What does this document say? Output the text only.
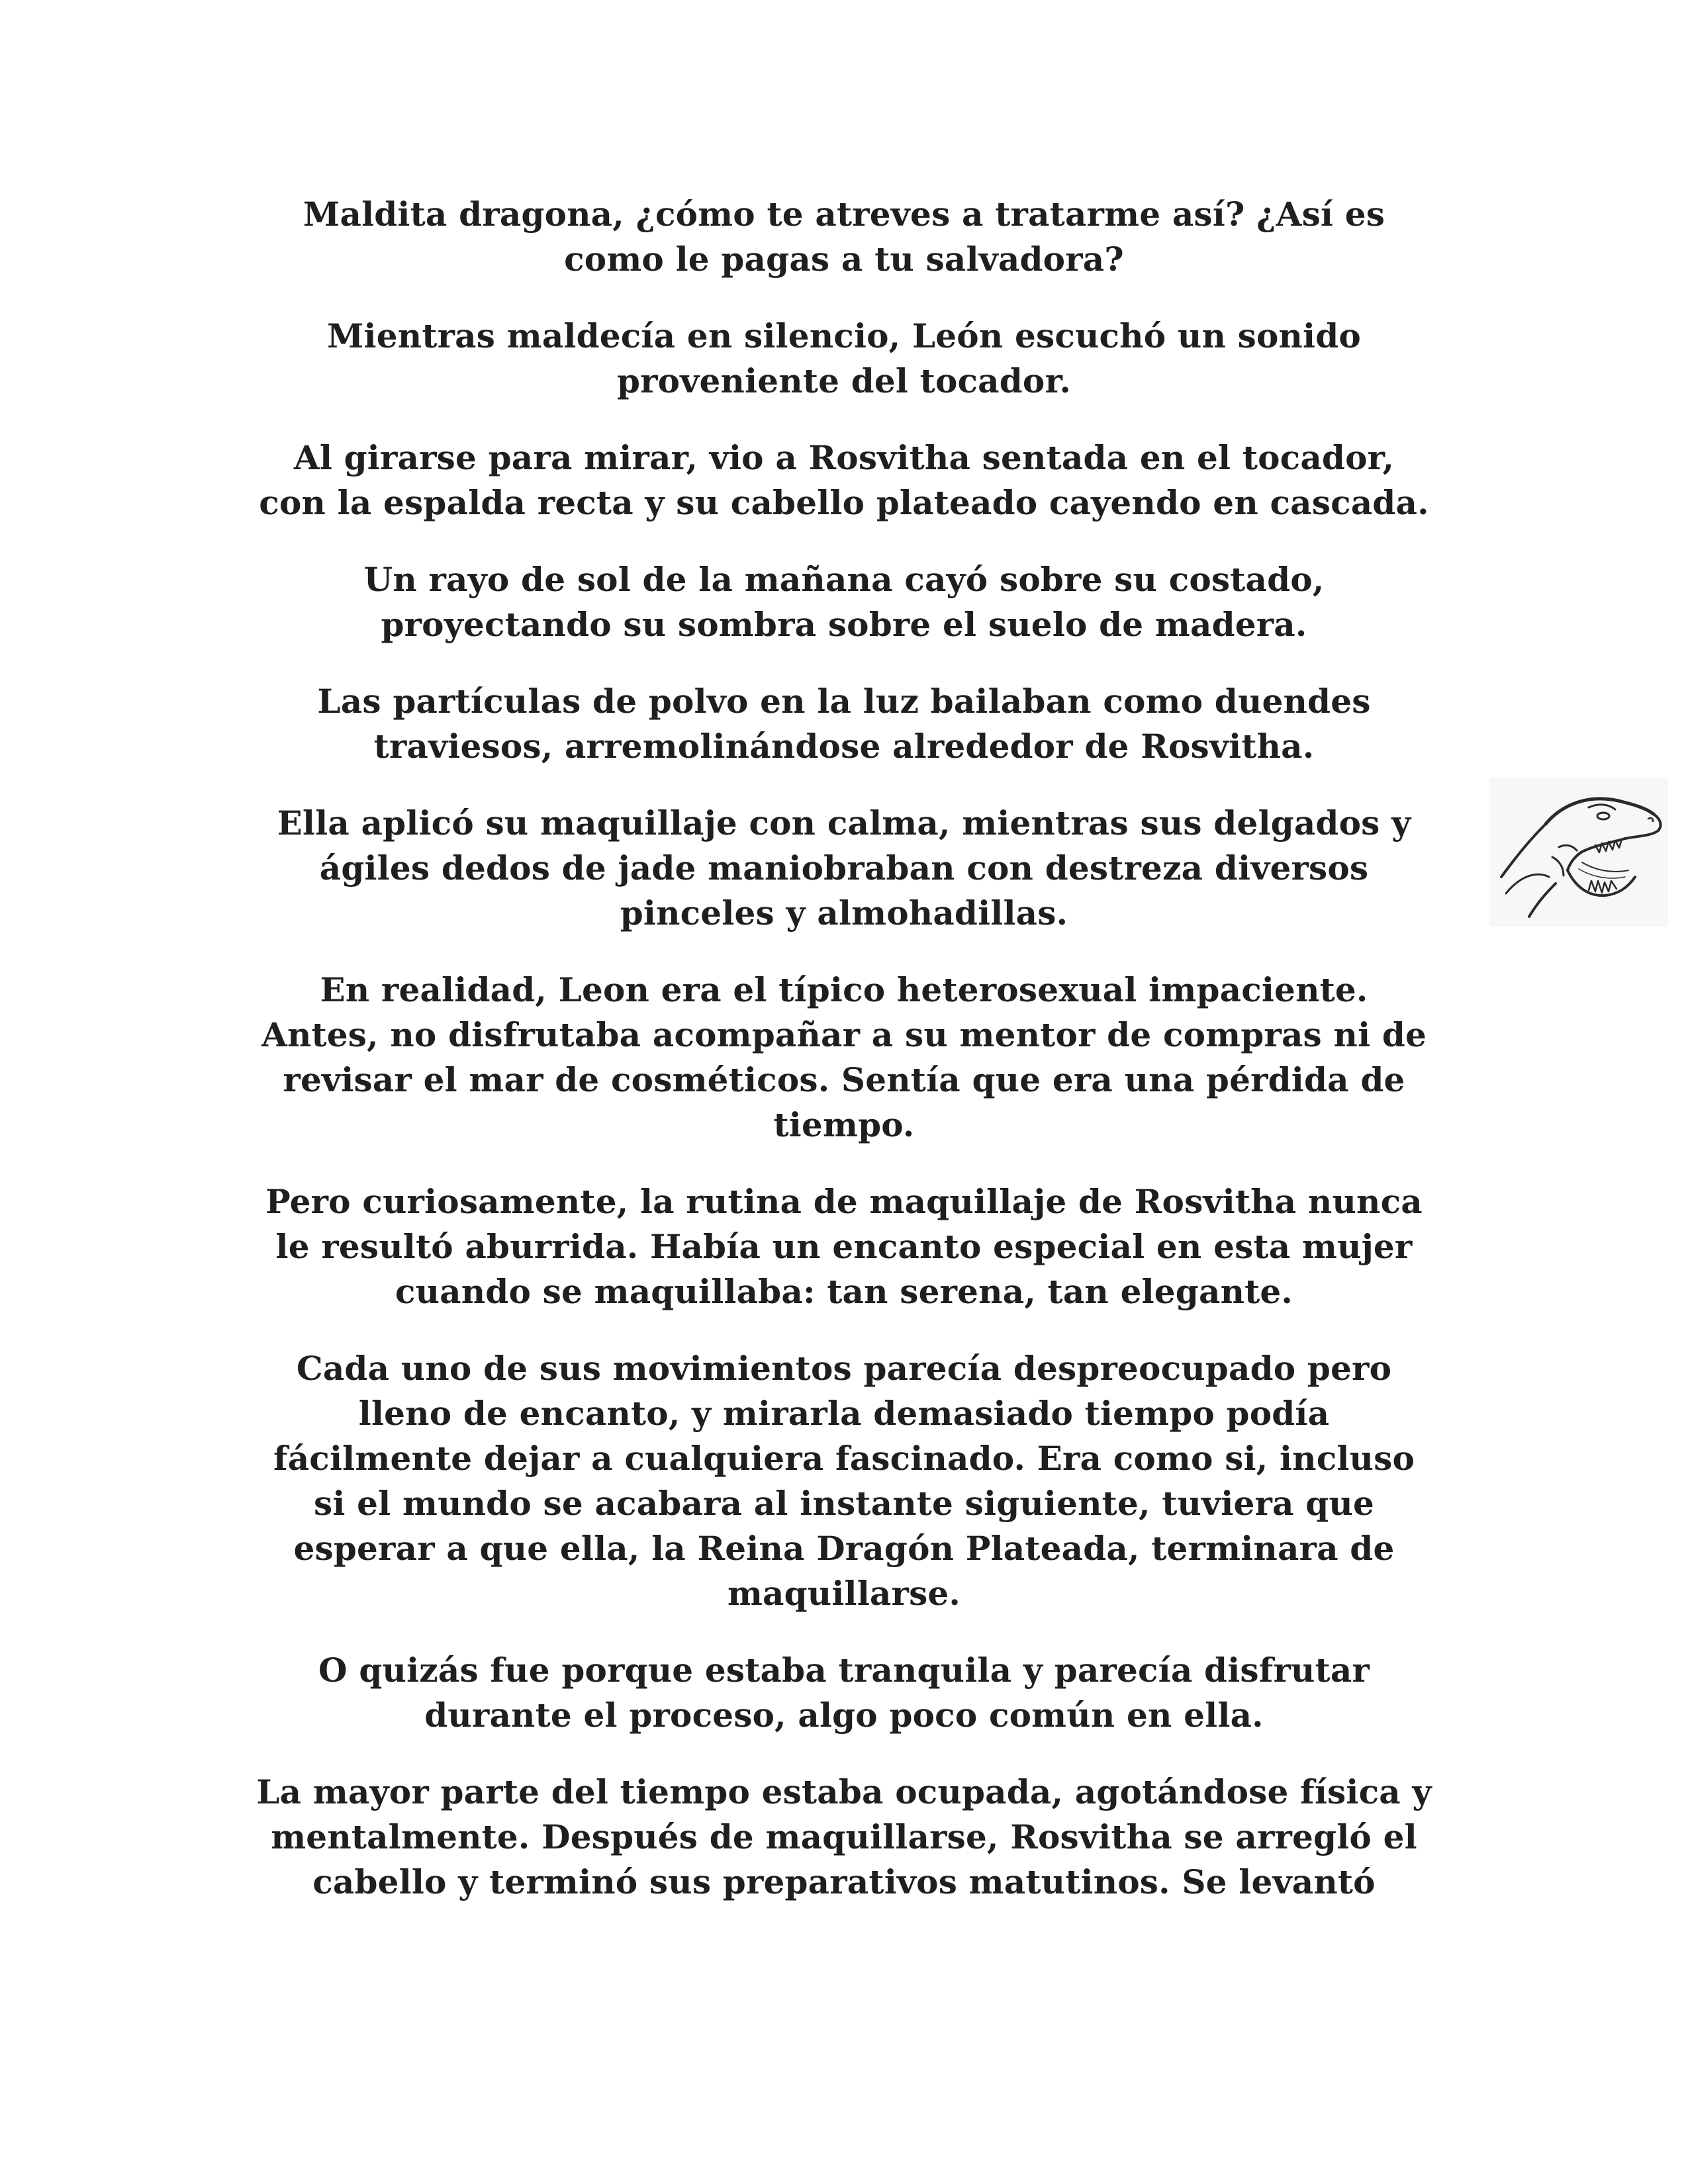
Maldita dragona, ¿cómo te atreves a tratarme así? ¿Así es
como le pagas a tu salvadora?

Mientras maldecía en silencio, León escuchó un sonido
proveniente del tocador.

Al girarse para mirar, vio a Rosvitha sentada en el tocador,
con la espalda recta y su cabello plateado cayendo en cascada.

Un rayo de sol de la mañana cayó sobre su costado,
proyectando su sombra sobre el suelo de madera.

Las partículas de polvo en la luz bailaban como duendes
traviesos, arremolinándose alrededor de Rosvitha.

Ella aplicó su maquillaje con calma, mientras sus delgados y
ágiles dedos de jade maniobraban con destreza diversos
pinceles y almohadillas.

En realidad, Leon era el típico heterosexual impaciente.
Antes, no disfrutaba acompañar a su mentor de compras ni de
revisar el mar de cosméticos. Sentía que era una pérdida de
tiempo.

Pero curiosamente, la rutina de maquillaje de Rosvitha nunca
le resultó aburrida. Había un encanto especial en esta mujer
cuando se maquillaba: tan serena, tan elegante.

Cada uno de sus movimientos parecía despreocupado pero
lleno de encanto, y mirarla demasiado tiempo podía
fácilmente dejar a cualquiera fascinado. Era como si, incluso
si el mundo se acabara al instante siguiente, tuviera que
esperar a que ella, la Reina Dragón Plateada, terminara de
maquillarse.

O quizás fue porque estaba tranquila y parecía disfrutar
durante el proceso, algo poco común en ella.

La mayor parte del tiempo estaba ocupada, agotándose física y
mentalmente. Después de maquillarse, Rosvitha se arregló el
cabello y terminó sus preparativos matutinos. Se levantó
